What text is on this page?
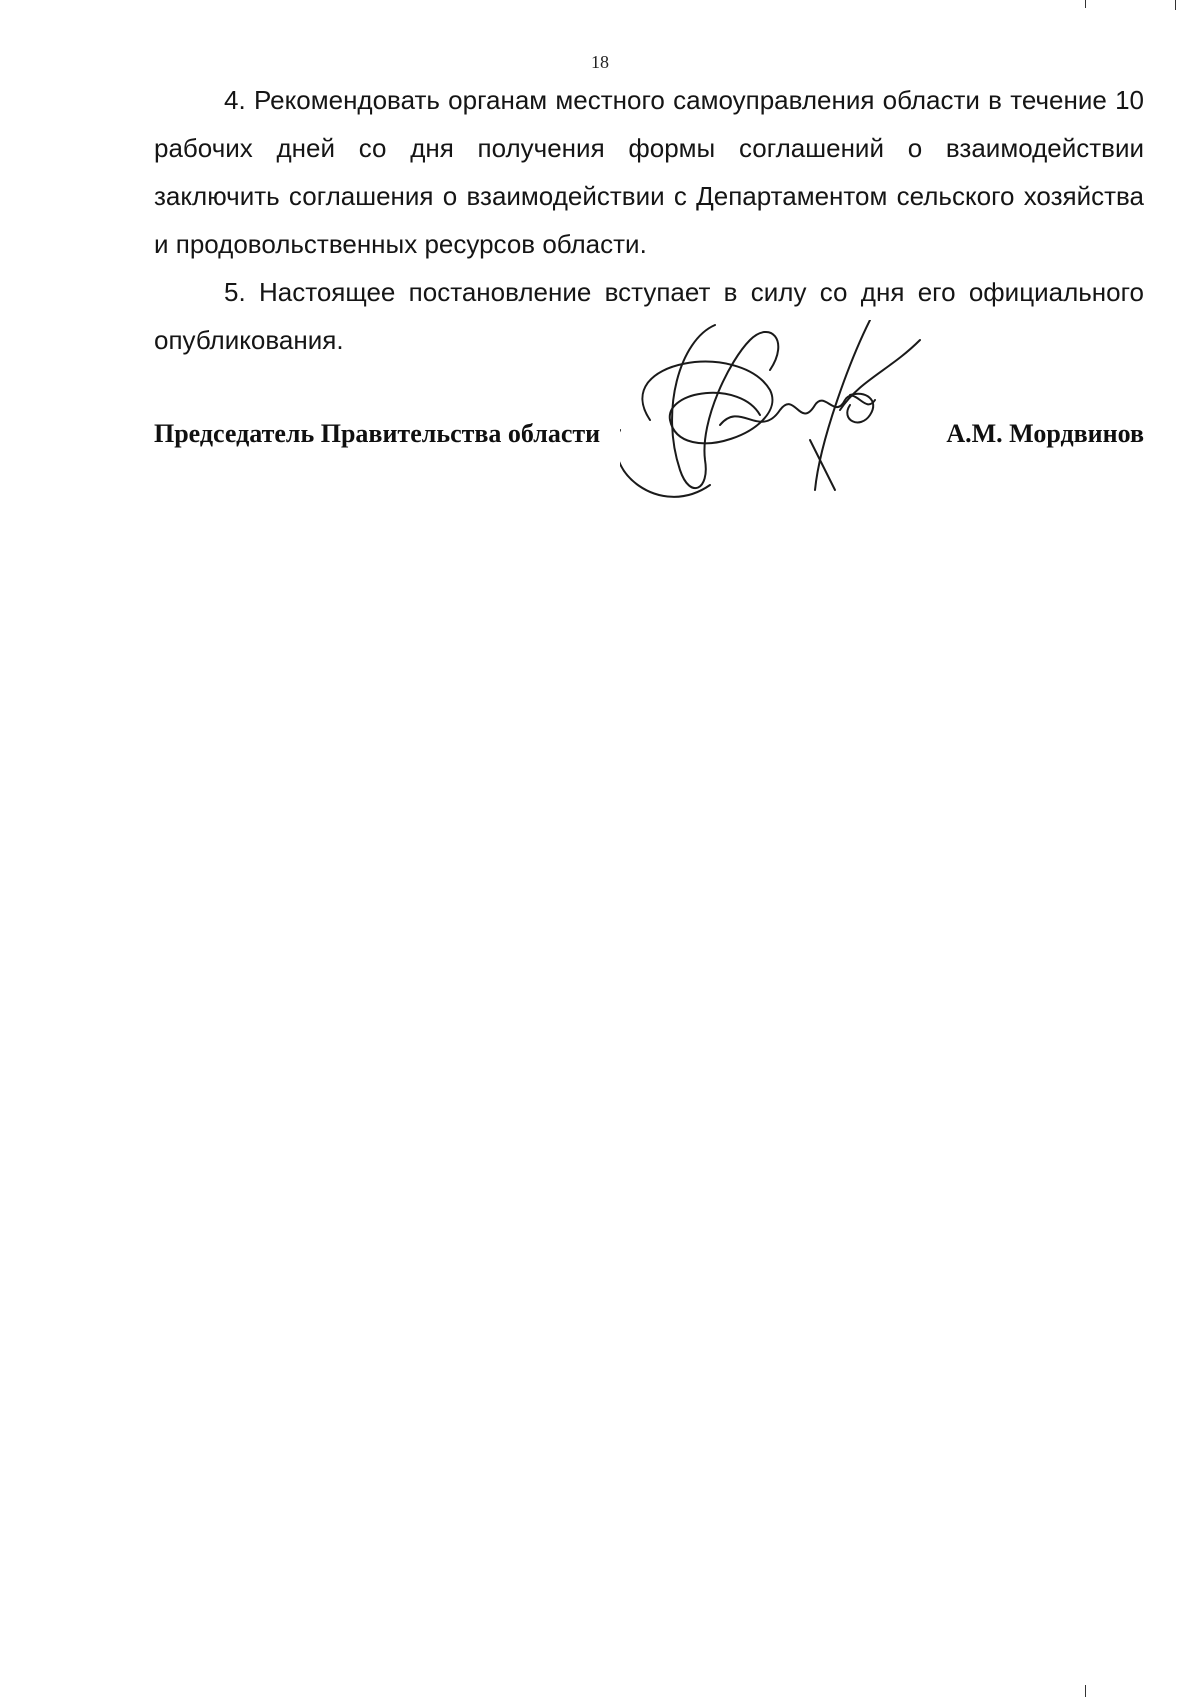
18

4. Рекомендовать органам местного самоуправления области в течение 10 рабочих дней со дня получения формы соглашений о взаимодействии заключить соглашения о взаимодействии с Департаментом сельского хозяйства и продовольственных ресурсов области.

5. Настоящее постановление вступает в силу со дня его официального опубликования.

Председатель Правительства области	А.М. Мордвинов
